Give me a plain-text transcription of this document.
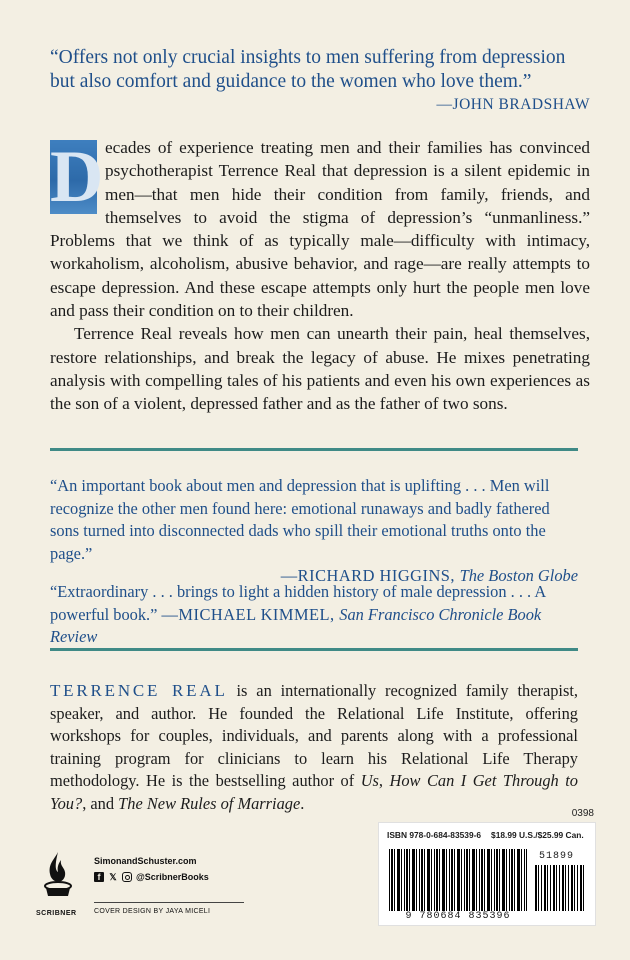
“Offers not only crucial insights to men suffering from depression but also comfort and guidance to the women who love them.”
—JOHN BRADSHAW

D ecades of experience treating men and their families has convinced psychotherapist Terrence Real that depression is a silent epidemic in men—that men hide their condition from family, friends, and themselves to avoid the stigma of depression’s “unmanliness.” Problems that we think of as typically male—difficulty with intimacy, workaholism, alcoholism, abusive behavior, and rage—are really attempts to escape depression. And these escape attempts only hurt the people men love and pass their condition on to their children.

Terrence Real reveals how men can unearth their pain, heal themselves, restore relationships, and break the legacy of abuse. He mixes penetrating analysis with compelling tales of his patients and even his own experiences as the son of a violent, depressed father and as the father of two sons.

“An important book about men and depression that is uplifting . . . Men will recognize the other men found here: emotional runaways and badly fathered sons turned into disconnected dads who spill their emotional truths onto the page.”
—RICHARD HIGGINS, The Boston Globe
“Extraordinary . . . brings to light a hidden history of male depression . . . A powerful book.” —MICHAEL KIMMEL, San Francisco Chronicle Book Review
TERRENCE REAL is an internationally recognized family therapist, speaker, and author. He founded the Relational Life Institute, offering workshops for couples, individuals, and parents along with a professional training program for clinicians to learn his Relational Life Therapy methodology. He is the bestselling author of Us, How Can I Get Through to You?, and The New Rules of Marriage.
0398
ISBN 978-0-684-83539-6 $18.99 U.S./$25.99 Can.
9 780684 835396
51899
SCRIBNER
SimonandSchuster.com
f 𝕏 @ScribnerBooks
COVER DESIGN BY JAYA MICELI
